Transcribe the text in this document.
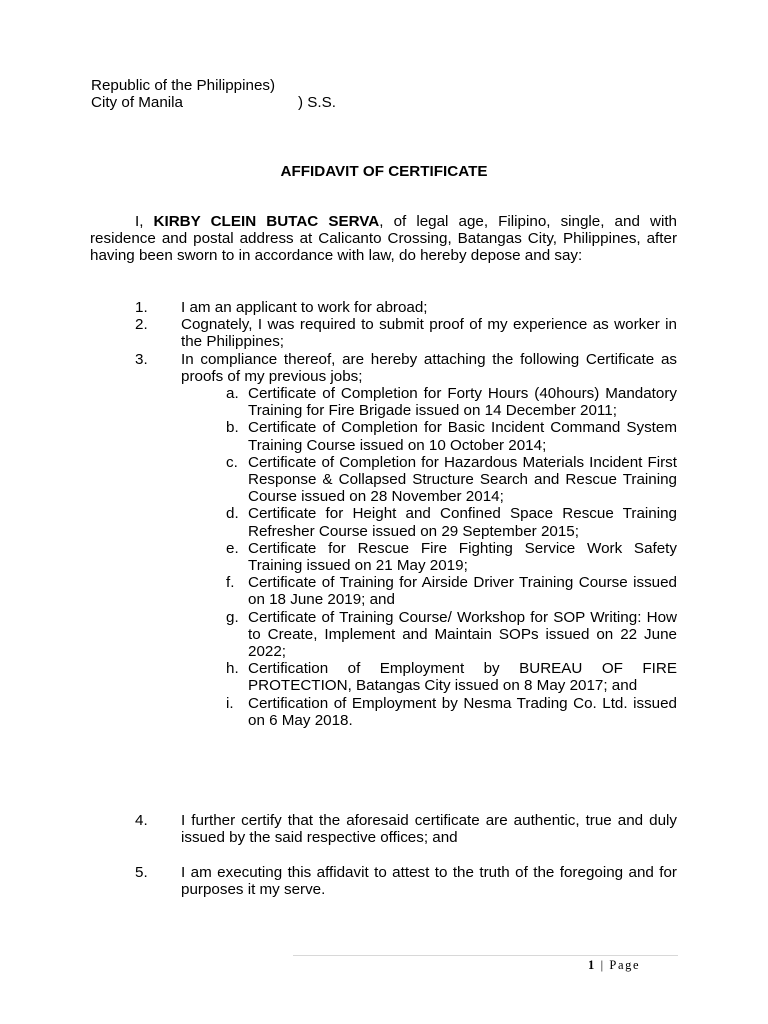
Republic of the Philippines)
City of Manila	) S.S.
AFFIDAVIT OF CERTIFICATE

I, KIRBY CLEIN BUTAC SERVA, of legal age, Filipino, single, and with residence and postal address at Calicanto Crossing, Batangas City, Philippines, after having been sworn to in accordance with law, do hereby depose and say:

1. I am an applicant to work for abroad;
2. Cognately, I was required to submit proof of my experience as worker in the Philippines;
3. In compliance thereof, are hereby attaching the following Certificate as proofs of my previous jobs;
a. Certificate of Completion for Forty Hours (40hours) Mandatory Training for Fire Brigade issued on 14 December 2011;
b. Certificate of Completion for Basic Incident Command System Training Course issued on 10 October 2014;
c. Certificate of Completion for Hazardous Materials Incident First Response & Collapsed Structure Search and Rescue Training Course issued on 28 November 2014;
d. Certificate for Height and Confined Space Rescue Training Refresher Course issued on 29 September 2015;
e. Certificate for Rescue Fire Fighting Service Work Safety Training issued on 21 May 2019;
f. Certificate of Training for Airside Driver Training Course issued on 18 June 2019; and
g. Certificate of Training Course/ Workshop for SOP Writing: How to Create, Implement and Maintain SOPs issued on 22 June 2022;
h. Certification of Employment by BUREAU OF FIRE PROTECTION, Batangas City issued on 8 May 2017; and
i. Certification of Employment by Nesma Trading Co. Ltd. issued on 6 May 2018.
4. I further certify that the aforesaid certificate are authentic, true and duly issued by the said respective offices; and
5. I am executing this affidavit to attest to the truth of the foregoing and for purposes it my serve.
1 | Page
